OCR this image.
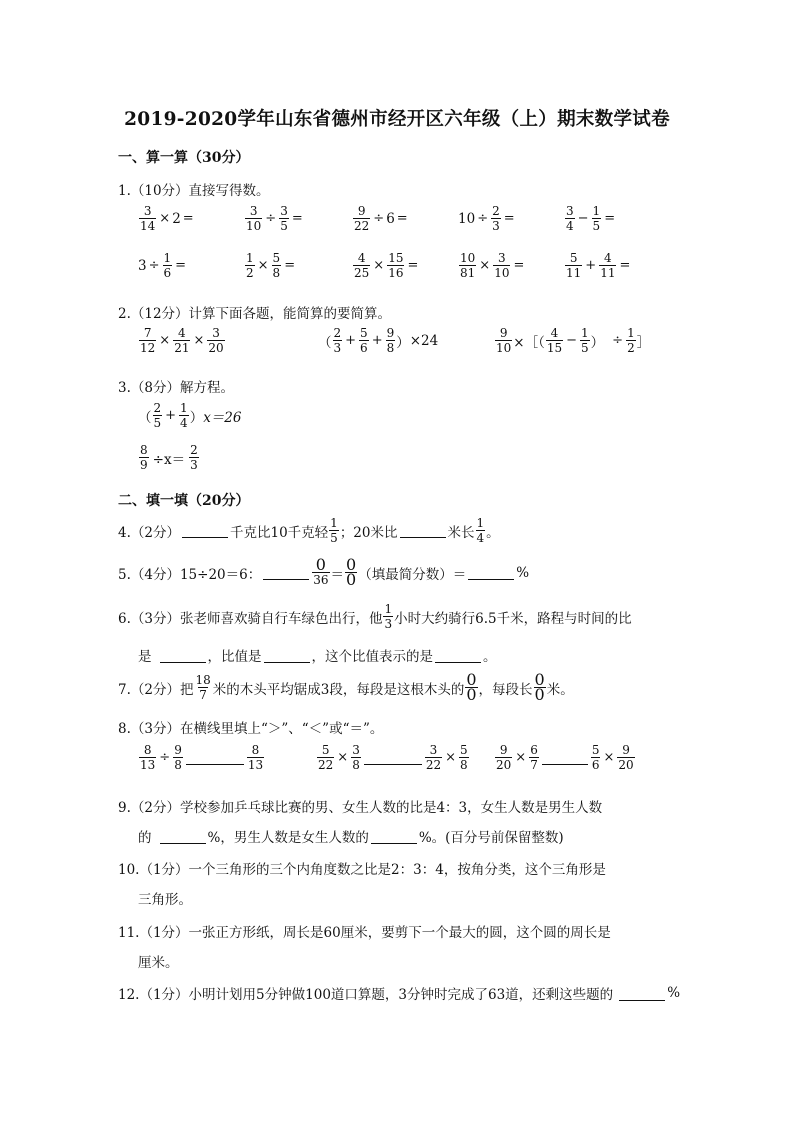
2019-2020学年山东省德州市经开区六年级（上）期末数学试卷
一、算一算（30分）
1.（10分）直接写得数。
$\frac{3}{14} \times 2$ =	$\frac{3}{10} \div \frac{3}{5}$ =	$\frac{9}{22} \div 6$ =	$10 \div \frac{2}{3}$ =	$\frac{3}{4} - \frac{1}{5}$ =
$3 \div \frac{1}{6}$ =	$\frac{1}{2} \times \frac{5}{8}$ =	$\frac{4}{25} \times \frac{15}{16}$ =	$\frac{10}{81} \times \frac{3}{10}$ =	$\frac{5}{11} + \frac{4}{11}$ =
2.（12分）计算下面各题，能简算的要简算。
$\frac{7}{12} \times \frac{4}{21} \times \frac{3}{20}$	（ $\frac{2}{3} + \frac{5}{6} + \frac{9}{8}$ ） ×24	$\frac{9}{10}$ ×［（ $\frac{4}{15} - \frac{1}{5}$ ） ÷ $\frac{1}{2}$ ］
3.（8分）解方程。
（ $\frac{2}{5} + \frac{1}{4}$ ） x＝26
$\frac{8}{9} \div x= \frac{2}{3}$
二、填一填（20分）
4.（2分）	千克比10千克轻 $\frac{1}{5}$ ；20米比	米长 $\frac{1}{4}$ 。
5.（4分）15÷20＝6：	$\frac{0}{36} = \frac{0}{0}$ （填最简分数）＝	%
6.（3分）张老师喜欢骑自行车绿色出行，他 $\frac{1}{3}$ 小时大约骑行6.5千米，路程与时间的比
是	，比值是	，这个比值表示的是	。
7.（2分）把 $\frac{18}{7}$ 米的木头平均锯成3段，每段是这根木头的 $\frac{0}{0}$ ，每段长 $\frac{0}{0}$ 米。
8.（3分）在横线里填上“＞”、“＜”或“＝”。
$\frac{8}{13} \div \frac{9}{8}$	$\frac{8}{13}$	$\frac{5}{22} \times \frac{3}{8}$	$\frac{3}{22} \times \frac{5}{8} \frac{9}{20} \times \frac{6}{7}$	$\frac{5}{6} \times \frac{9}{20}$
9.（2分）学校参加乒乓球比赛的男、女生人数的比是4：3，女生人数是男生人数
的	%，男生人数是女生人数的	%。(百分号前保留整数)
10.（1分）一个三角形的三个内角度数之比是2：3：4，按角分类，这个三角形是
三角形。
11.（1分）一张正方形纸，周长是60厘米，要剪下一个最大的圆，这个圆的周长是
厘米。
12.（1分）小明计划用5分钟做100道口算题，3分钟时完成了63道，还剩这些题的	%
